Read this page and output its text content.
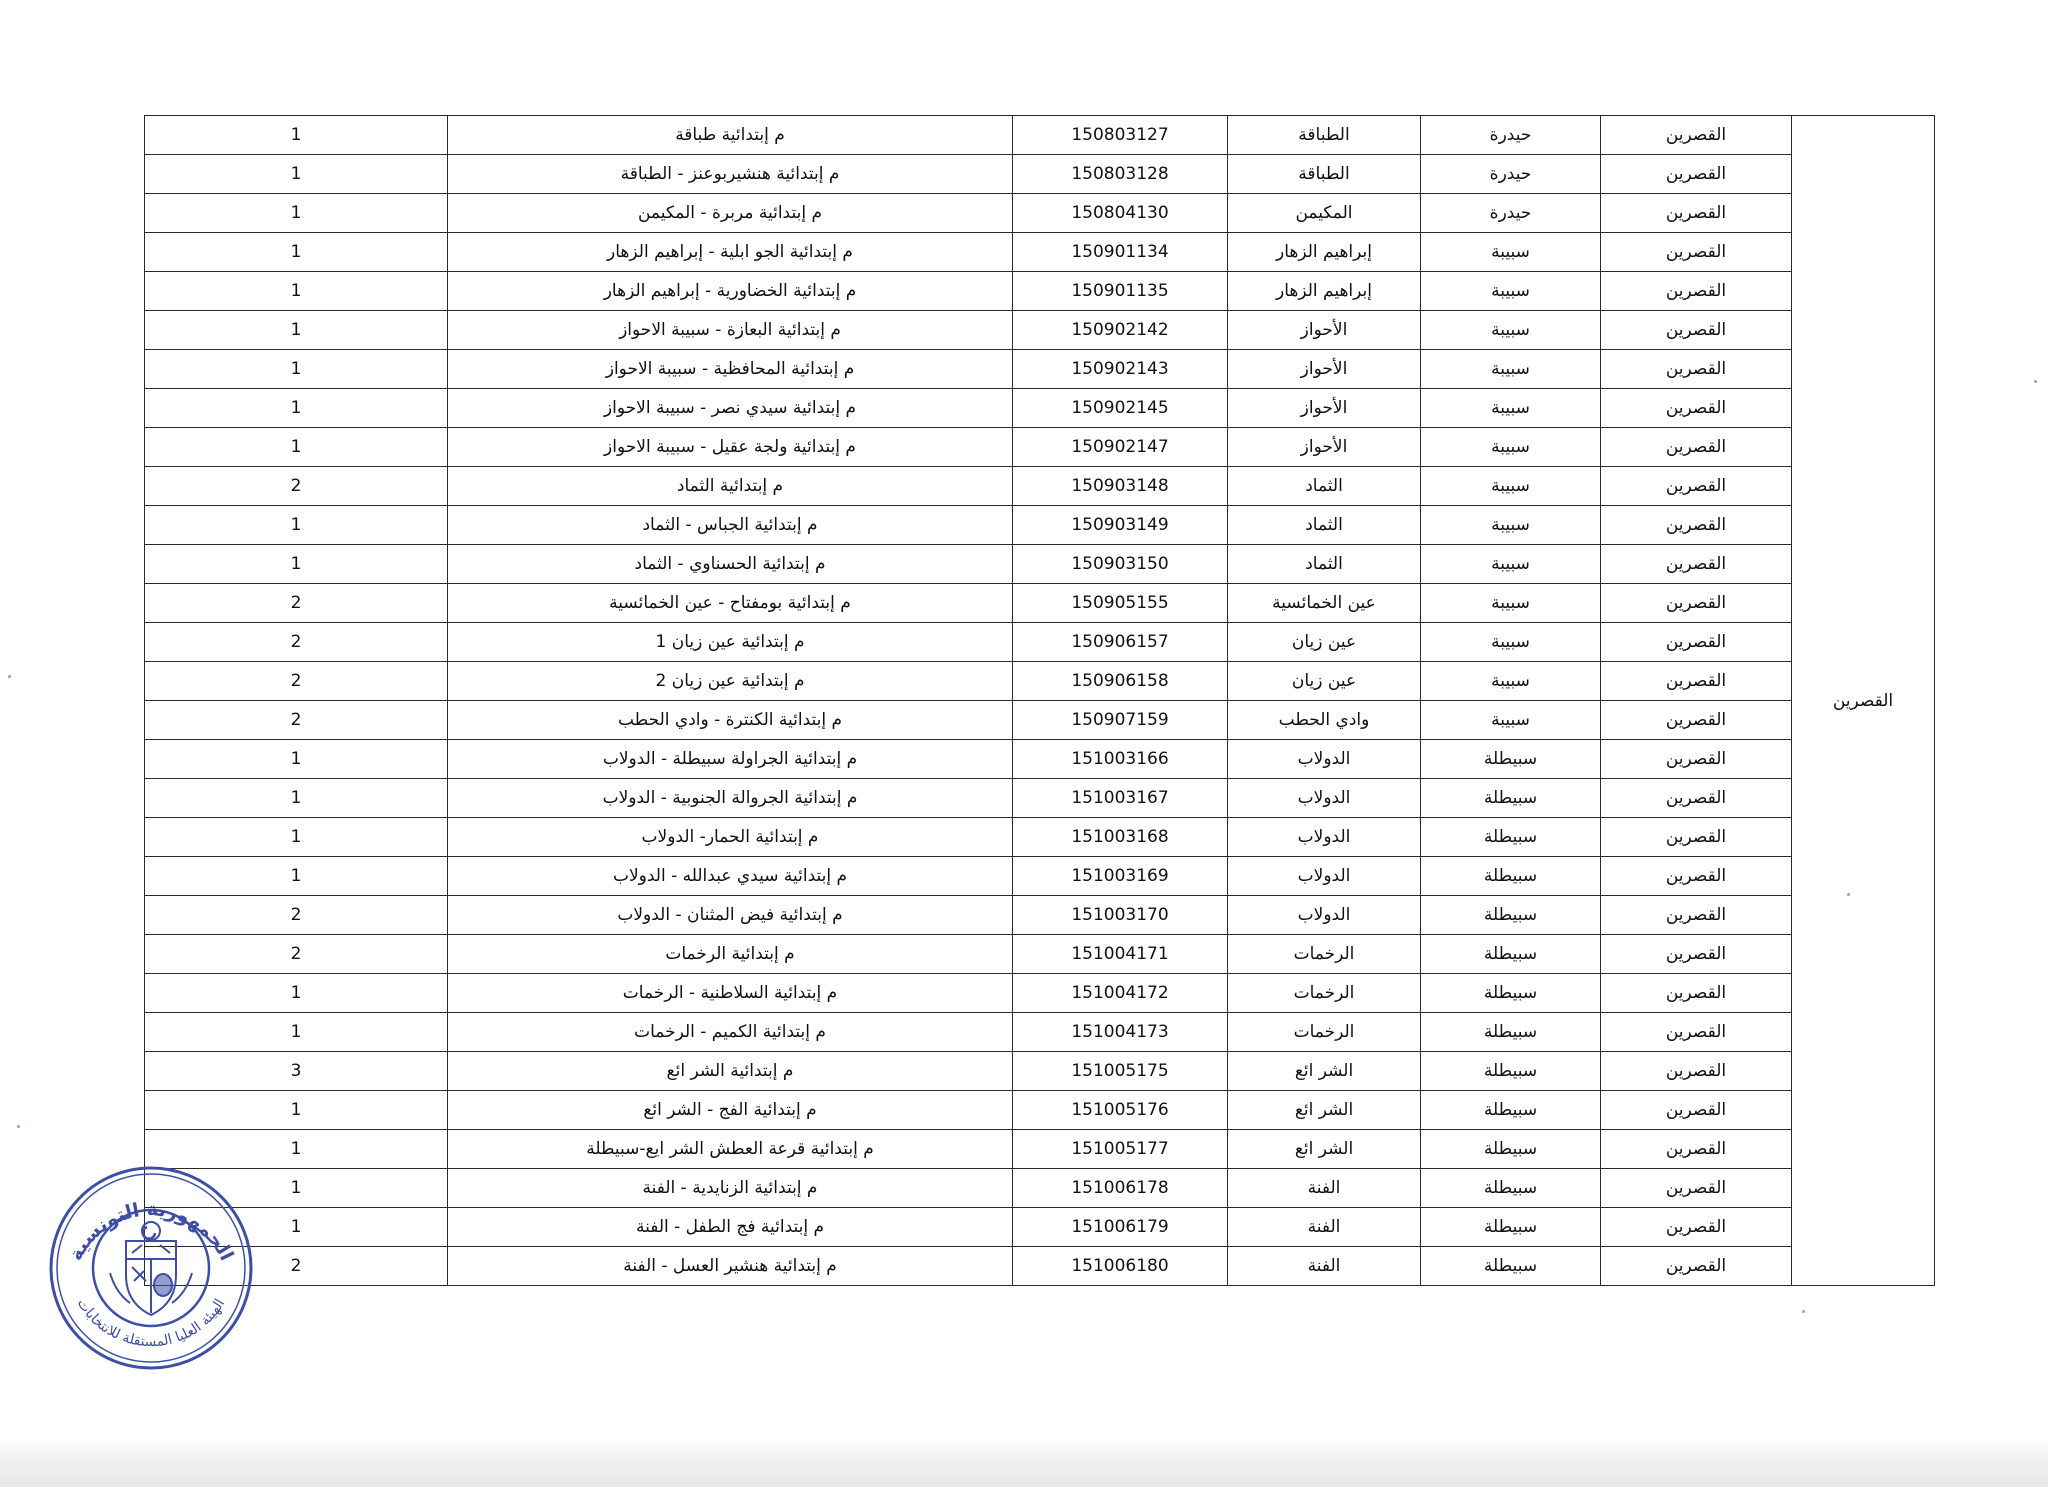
القصرين	القصرين	حيدرة	الطباقة	150803127	م إبتدائية طباقة	1
	القصرين	حيدرة	الطباقة	150803128	م إبتدائية هنشيربوعنز - الطباقة	1
	القصرين	حيدرة	المكيمن	150804130	م إبتدائية مربرة - المكيمن	1
	القصرين	سبيبة	إبراهيم الزهار	150901134	م إبتدائية الجو ابلية - إبراهيم الزهار	1
	القصرين	سبيبة	إبراهيم الزهار	150901135	م إبتدائية الخضاورية - إبراهيم الزهار	1
	القصرين	سبيبة	الأحواز	150902142	م إبتدائية البعازة - سبيبة الاحواز	1
	القصرين	سبيبة	الأحواز	150902143	م إبتدائية المحافظية - سبيبة الاحواز	1
	القصرين	سبيبة	الأحواز	150902145	م إبتدائية سيدي نصر - سبيبة الاحواز	1
	القصرين	سبيبة	الأحواز	150902147	م إبتدائية ولجة عقيل - سبيبة الاحواز	1
	القصرين	سبيبة	الثماد	150903148	م إبتدائية الثماد	2
	القصرين	سبيبة	الثماد	150903149	م إبتدائية الجباس - الثماد	1
	القصرين	سبيبة	الثماد	150903150	م إبتدائية الحسناوي - الثماد	1
	القصرين	سبيبة	عين الخمائسية	150905155	م إبتدائية بومفتاح - عين الخمائسية	2
	القصرين	سبيبة	عين زيان	150906157	م إبتدائية عين زيان 1	2
	القصرين	سبيبة	عين زيان	150906158	م إبتدائية عين زيان 2	2
	القصرين	سبيبة	وادي الحطب	150907159	م إبتدائية الكنترة - وادي الحطب	2
	القصرين	سبيطلة	الدولاب	151003166	م إبتدائية الجراولة سبيطلة - الدولاب	1
	القصرين	سبيطلة	الدولاب	151003167	م إبتدائية الجروالة الجنوبية - الدولاب	1
	القصرين	سبيطلة	الدولاب	151003168	م إبتدائية الحمار- الدولاب	1
	القصرين	سبيطلة	الدولاب	151003169	م إبتدائية سيدي عبدالله - الدولاب	1
	القصرين	سبيطلة	الدولاب	151003170	م إبتدائية فيض المثنان - الدولاب	2
	القصرين	سبيطلة	الرخمات	151004171	م إبتدائية الرخمات	2
	القصرين	سبيطلة	الرخمات	151004172	م إبتدائية السلاطنية - الرخمات	1
	القصرين	سبيطلة	الرخمات	151004173	م إبتدائية الكميم - الرخمات	1
	القصرين	سبيطلة	الشر ائع	151005175	م إبتدائية الشر ائع	3
	القصرين	سبيطلة	الشر ائع	151005176	م إبتدائية الفج - الشر ائع	1
	القصرين	سبيطلة	الشر ائع	151005177	م إبتدائية قرعة العطش الشر ايع-سبيطلة	1
	القصرين	سبيطلة	الفنة	151006178	م إبتدائية الزنايدية - الفنة	1
	القصرين	سبيطلة	الفنة	151006179	م إبتدائية فج الطفل - الفنة	1
	القصرين	سبيطلة	الفنة	151006180	م إبتدائية هنشير العسل - الفنة	2
الجمهورية التونسية
الهيئة العليا المستقلة للانتخابات
